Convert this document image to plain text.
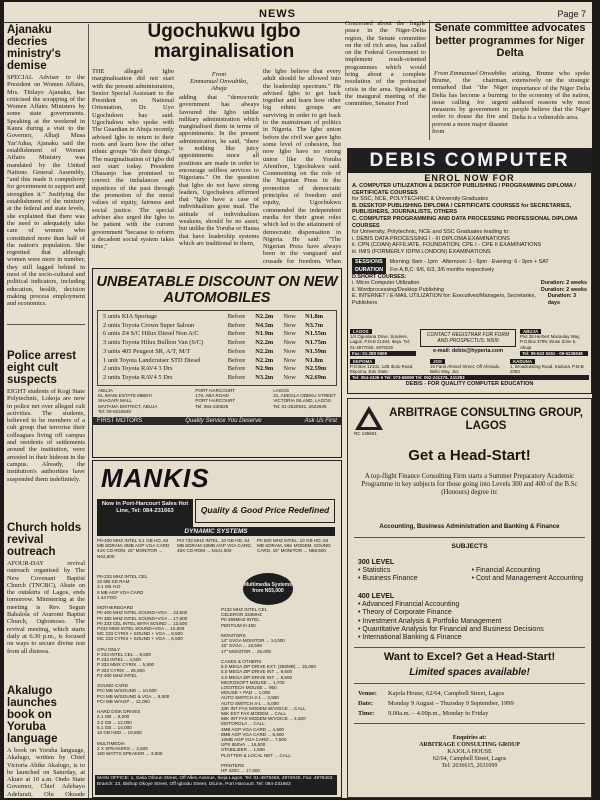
NEWS	Page 7
Ajanaku decries ministry's demise
SPECIAL Adviser to the President on Women Affairs, Mrs. Titilayo Ajanaku, has criticised the scrapping of the Women Affairs Ministers by some state governments. Speaking at the weekend in Kaura during a visit to the Governor, Alhaji Musa Yar'Adua, Ajanaku said the establishment of Women Affairs Ministry was mandated by the United Nations General Assembly, "and this made it compulsory for government to support and strengthen it." Justifying the establishment of the ministry at the federal and state levels, she explained that there was the need to adequately take care of women who constituted more than half of the nation's population. She regretted that although women were more in number, they still lagged behind in most of the socio-cultural and political indicators, including education, health, decision making process employment and economics.
Police arrest eight cult suspects
EIGHT students of Kogi State Polytechnic, Lokoja are now in police net over alleged cult activities. The students, believed to be members of a cult group that terrorise their colleagues living off campus and residents of settlements around the institution, were arrested in their hideout in the campus. Already, the institution's authorities have suspended them indefinitely.
Church holds revival outreach
AFOUR-DAY revival outreach organised by The New Covenant Baptist Church (TNCBC), Akute on the outskirts of Lagos, ends tomorrow. Ministering at the meeting is Rev. Segun Babalola of Araromi Baptist Church, Ogbomoso. The revival meeting, which starts daily at 6.30 p.m., is focused on ways to secure divine rest from all distress.
Akalugo launches book on Yoruba language
A book on Yoruba language, Akalugo, written by Chief Victoria Abike Akalugo, is to be launched on Saturday, at Akure at 10 a.m. Ondo State Governor, Chief Adebayo Adefarati, Olu Okoade
Ugochukwu Igbo marginalisation
THE alleged Igbo marginalisation did not start with the present administration, Senior Special Assistant to the President on National Orientation, Dr. Uyo Ugochukwu has said. Ugochukwu who spoke with The Guardian in Abuja recently advised Igbo to return to their roots and learn how the other ethnic groups "do their things." The marginalisation of Igbo did not start today. President Obasanjo has promised to correct the imbalances and injustices of the past through the promotion of the moral values of equity, fairness and social justice. The special adviser also urged the Igbo to be patient with the current government "because to reform a decadent social system takes time,"
From
Emmanuel Onwubiko,
Abuja
adding that "democratic government has always favoured the Igbo unlike military administration which marginalised them in terms of appointments. In the present administration, he said, "there is nothing like juicy appointments since all positions are made in order to encourage selfless services to Nigerians." On the question that Igbo do not have strong leaders, Ugochukwu affirmed that "Igbo have a case of individualism gone mad. The attitude of individualism weakens, should be no asset; but unlike the Yoruba or Hausa that have leadership systems which are traditional to them,
the Igbo believe that every adult should be allowed into the leadership spectrum." He advised Igbo to get back together and learn how other big ethnic groups are surviving in order to get back to the mainstream of politics in Nigeria. The Igbo union before the civil war gave Igbo some level of cohesion, but now Igbo have no strong union like the Yoruba Afenifere, Ugochukwu said. Commenting on the role of the Nigerian Press in the promotion of democratic principles of freedom and equity, Ugochukwu commended the independent media for their great roles which led to the attainment of democratic dispensation in Nigeria. He said: "The Nigerian Press have always been in the vanguard and crusade for freedom. When
Concerned about the fragile peace in the Niger-Delta region, the Senate committee on the oil rich area, has called on the Federal Government to implement result-oriented programmes which would bring about a complete resolution of the protracted crisis in the area. Speaking at the inaugural meeting of the committee, Senator Fred
Senate committee advocates better programmes for Niger Delta
From Emmanuel Onwubiko
Brume, the chairman, remarked that "the Niger Delta has become a burning issue calling for urgent measures by government in order to douse the fire and prevent a more major disaster from
arising. Brume who spoke extensively on the strategic importance of the Niger Delta to the economy of the nation, adduced reasons why most people believe that the Niger Delta is a vulnerable area.
UNBEATABLE DISCOUNT ON NEW AUTOMOBILES
5 units KIA Sportage	Before	N2.2m	Now	N1.8m
2 units Toyota Crown Super Saloon	Before	N4.5m	Now	N3.7m
6 units Z4 S/C Hilux Diesel Non A/C	Before	N1.9m	Now	N1.55m
3 units Toyota Hilux Bullion Van (S/C)	Before	N2.2m	Now	N1.75m
3 units 405 Peugeot SR, A/T, M/T	Before	N2.2m	Now	N1.59m
1 unit Toyota Landcruiser STD Diesel	Before	N2.2m	Now	N1.8m
2 units Toyota RAV4 3 Drs	Before	N2.9m	Now	N2.59m
2 units Toyota RAV4 5 Drs	Before	N3.2m	Now	N2.69m
ABUJA
EL IMANI ESTATE MBEHI
SHAGARI MALL
MAITAMA DISTRICT, ABUJA
Tel: 09-5232848
PORT HARCOURT
176, ABA ROAD
PORT HARCOURT
Tel: 084-230525
LAGOS
21, ADEOLA ODEKU STREET
VICTORIA ISLAND, LAGOS
Tel: 01-2620531, 2622645
FIRST MOTORS	Quality Service You Deserve	Ask Us First
MANKIS
Now in Port-Harcourt Sales Hot Line, Tel: 084-231663	Quality & Good Price Redefined
DYNAMIC SYSTEMS
PII-400 MHZ INTEL 5.1 GB HD, 64 MB SDRAM, 8MB AGP VGA CARD 44X CD ROM, 15" MONITOR ... N62,500
PIII 733 MHZ INTEL, 10 GB HD, 64 MB SDRAM 32MB AGP VGA CARD, 48X CD ROM ... N101,000
PII 500 MHZ INTEL, 10 GB HD, 64 MB SDRAM, 56K MODEM, SOUND CARD, 15" MONITOR ... N88,500
Multimedia Systems from N55,000
PII-233 MHZ INTEL CEL
32 MB SD RAM
3.1 GB H.D
8 MB AGP VGA CARD
1.44 FDD

MOTHERBOARD
PII 400 MHZ INTEL SOUND+VGA ... 23,500
PII 350 MHZ INTEL SOUND+VGA ... 17,600
PII 333 CEL INTEL WITH SOUND ... 13,500
P233 MMX INTEL SOUND+VGA ... 10,500
MC 233 CYRIX + SOUND + VGA ... 8,500
MC 233 CYRIX + SOUND + VGA ... 6,500

CPU ONLY
P 233 INTEL CEL ... 9,500
P 233 INTEL ... 4,500
P 333 MMX CYRIX ... 5,500
P 333 CYRIX ... 25,000
P2 400 MHZ INTEL

SOUND CARD
PCI MB W/SOUND ... 10,500
PCI MB W/SOUND & VGA ... 9,500
PCI MB W/AGP ... 12,000

HARD DISK DRIVES
2.1 GB ... 8,500
3.2 GB ... 12,000
5.1 GB ... 14,000
10 GB HDD ... 18,500

MULTIMEDIA
2 X SPEAKERS ... 2,500
160 WATTS SPEAKER ... 3,500
P133 MHZ INTEL CEL
CELERON 333MHZ
PII 366MHZ INTEL
PENTIUM III 450

MONITORS
14" SVGA MONITOR ... 14,000
15" SVGA ... 16,500
17" MONITOR ... 25,000

CASES & OTHERS
5.0 MEGA ZIP DRIVE EXT. (250MB) ... 15,000
5.0 MEGA ZIP DRIVE INT ... 9,500
3.0 MEGA ZIP DRIVE INT ... 8,500
MICROSOFT MOUSE ... 1,700
LOGITECH MOUSE ... 950
MOUSE + PAD ... 1,000
AUTO SWITCH 2-1 ... 3,500
AUTO SWITCH 4-1 ... 5,000
33K INT FAX MODEM W/VOICE ... CALL
56K EXT FAX MODEM ... CALL
56K INT FAX MODEM W/VOICE ... 4,500
MOTOROLA ... CALL
4MB AGP VGA CARD ... 4,500
8MB AGP VGA CARD ... 5,500
16MB AGP VGA CARD ... 7,500
UPS 650VA ... 16,500
STABILIZER ... 1,500
PLOTTER & LOCAL NET ... CALL

PRINTERS
HP 420C ... 17,500

MAIN OFFICE: 1, Saka Olorun Street, Off Allen Avenue, Ikeja-Lagos. Tel: 01-4978468, 4974040, Fax: 4978463
Branch: 23, Bishop Okoye Street, Off Igbodu Street, D/Line, Port Harcourt. Tel: 084-231663
DEBIS COMPUTER
ENROL NOW FOR
A. COMPUTER UTILIZATION & DESKTOP PUBLISHING / PROGRAMMING DIPLOMA / CERTIFICATE COURSES
for SSC, NCE, POLYTECHNIC & University Graduates
B. DESKTOP PUBLISHING DIPLOMA / CERTIFICATE COURSES for SECRETARIES, PUBLISHERS, JOURNALISTS, OTHERS
C. COMPUTER PROGRAMMING AND DATA PROCESSING PROFESSIONAL DIPLOMA COURSES
for University, Polytechnic, NCE and SSC Graduates leading to:
i. DEBIS DATA PROCESSING I - III DIPLOMA EXAMINATIONS
ii. CPN (COAN) AFFILIATE, FOUNDATION, CPE I - CPE II EXAMINATIONS
iii. IMIS (FORMERLY IDPM LONDON) EXAMINATIONS
SESSIONS Morning: 8am - 1pm · Afternoon: 1 - 6pm · Evening: 6 - 9pm + SAT
DURATION For A,B,C: 9/6, 6/3, 3/6 months respectively
D.SHORT COURSES:
i. Micro Computer Utilization	Duration: 2 weeks
ii. Wordprocessing/Desktop Publishing	Duration: 2 weeks
E. INTERNET / E-MAIL UTILIZATION for: Executives/Managers, Secretaries, Publishers
Duration: 3 days
LAGOS
1/4 Ogunlana Drive, Surulere, Lagos. P.M.B 21484, Ikeja. Tel: 01-4977028, 4979229
Fax: 01-288 0608
CONTACT REGISTRAR FOR FORM AND PROSPECTUS: N500
e-mail: debis@hyperia.com
ABUJA
Plot 38 Herbert Macaulay Way, P.O.Box 3799, Wuse Zone 5, Abuja
Tel: 09-523 5261 · 09-5236848
EKPOMA
P.O.Box 12101, 12B Iboto Road, Ekpoma, Edo State
JOS
16 Farol Ahmed Street, Off Ahmadu Bello Way, Jos
KADUNA
1, Broadcasting Road, Kaduna. P.M.B 2093
Tel: 054-2435·5 Tel: 073-58090 Tel: 062-241276, 241283
DEBIS - FOR QUALITY COMPUTER EDUCATION
RC 136601
ARBITRAGE CONSULTING GROUP, LAGOS
Get a Head-Start!
A top-flight Finance Consulting Firm starts a Summer Preparatory Academic Programme in key subjects for those going into Levels 300 and 400 of the B.Sc (Honours) degree in:
Accounting, Business Administration and Banking & Finance
SUBJECTS
300 LEVEL
• Statistics
• Business Finance
• Financial Accounting
• Cost and Management Accounting
400 LEVEL
• Advanced Financial Accounting
• Theory of Corporate Finance
• Investment Analysis & Portfolio Management
• Quantitative Analysis for Financial and Business Decisions
• International Banking & Finance
Want to Excel? Get a Head-Start!
Limited spaces available!
Venue: Kajola House, 62/64, Campbell Street, Lagos
Date: Monday 9 August – Thursday 9 September, 1999
Time: 9.00a.m. – 4.00p.m., Monday to Friday
Enquiries at:
ARBITRAGE CONSULTING GROUP
KAJOLA HOUSE
62/64, Campbell Street, Lagos
Tel: 2636615, 2631099
